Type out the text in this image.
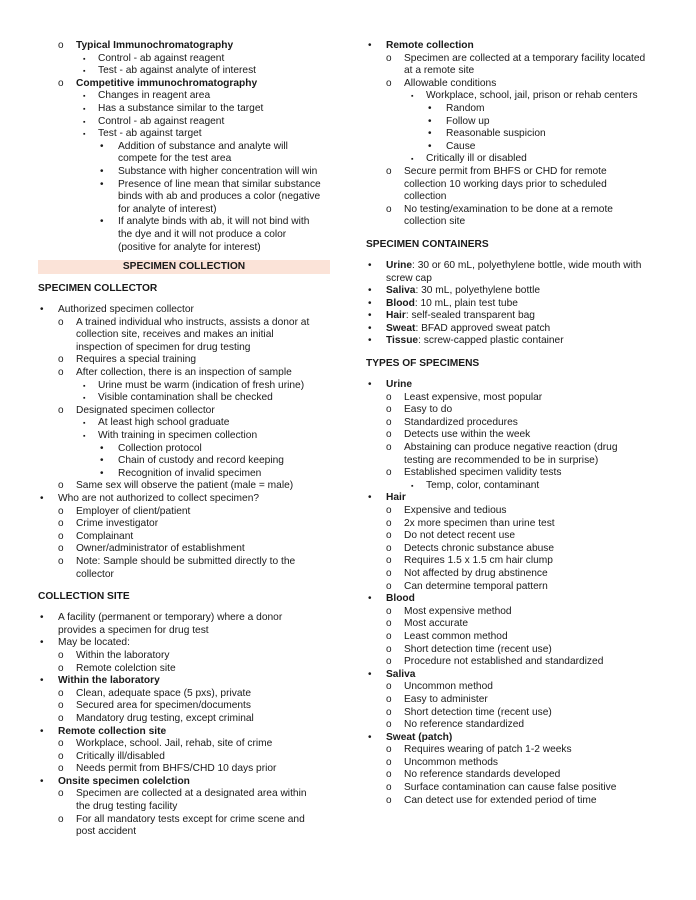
o Typical Immunochromatography
▪ Control - ab against reagent
▪ Test - ab against analyte of interest
o Competitive immunochromatography
▪ Changes in reagent area
▪ Has a substance similar to the target
▪ Control - ab against reagent
▪ Test - ab against target
• Addition of substance and analyte will
compete for the test area
• Substance with higher concentration will win
• Presence of line mean that similar substance
binds with ab and produces a color (negative
for analyte of interest)
• If analyte binds with ab, it will not bind with
the dye and it will not produce a color
(positive for analyte for interest)
SPECIMEN COLLECTION
SPECIMEN COLLECTOR
• Authorized specimen collector
o A trained individual who instructs, assists a donor at
collection site, receives and makes an initial
inspection of specimen for drug testing
o Requires a special training
o After collection, there is an inspection of sample
▪ Urine must be warm (indication of fresh urine)
▪ Visible contamination shall be checked
o Designated specimen collector
▪ At least high school graduate
▪ With training in specimen collection
• Collection protocol
• Chain of custody and record keeping
• Recognition of invalid specimen
o Same sex will observe the patient (male = male)
• Who are not authorized to collect specimen?
o Employer of client/patient
o Crime investigator
o Complainant
o Owner/administrator of establishment
o Note: Sample should be submitted directly to the
collector
COLLECTION SITE
• A facility (permanent or temporary) where a donor
provides a specimen for drug test
• May be located:
o Within the laboratory
o Remote colelction site
• Within the laboratory
o Clean, adequate space (5 pxs), private
o Secured area for specimen/documents
o Mandatory drug testing, except criminal
• Remote collection site
o Workplace, school. Jail, rehab, site of crime
o Critically ill/disabled
o Needs permit from BHFS/CHD 10 days prior
• Onsite specimen colelction
o Specimen are collected at a designated area within
the drug testing facility
o For all mandatory tests except for crime scene and
post accident
• Remote collection
o Specimen are collected at a temporary facility located
at a remote site
o Allowable conditions
▪ Workplace, school, jail, prison or rehab centers
• Random
• Follow up
• Reasonable suspicion
• Cause
▪ Critically ill or disabled
o Secure permit from BHFS or CHD for remote
collection 10 working days prior to scheduled
collection
o No testing/examination to be done at a remote
collection site
SPECIMEN CONTAINERS
• Urine: 30 or 60 mL, polyethylene bottle, wide mouth with
screw cap
• Saliva: 30 mL, polyethylene bottle
• Blood: 10 mL, plain test tube
• Hair: self-sealed transparent bag
• Sweat: BFAD approved sweat patch
• Tissue: screw-capped plastic container
TYPES OF SPECIMENS
• Urine
o Least expensive, most popular
o Easy to do
o Standardized procedures
o Detects use within the week
o Abstaining can produce negative reaction (drug
testing are recommended to be in surprise)
o Established specimen validity tests
▪ Temp, color, contaminant
• Hair
o Expensive and tedious
o 2x more specimen than urine test
o Do not detect recent use
o Detects chronic substance abuse
o Requires 1.5 x 1.5 cm hair clump
o Not affected by drug abstinence
o Can determine temporal pattern
• Blood
o Most expensive method
o Most accurate
o Least common method
o Short detection time (recent use)
o Procedure not established and standardized
• Saliva
o Uncommon method
o Easy to administer
o Short detection time (recent use)
o No reference standardized
• Sweat (patch)
o Requires wearing of patch 1-2 weeks
o Uncommon methods
o No reference standards developed
o Surface contamination can cause false positive
o Can detect use for extended period of time
